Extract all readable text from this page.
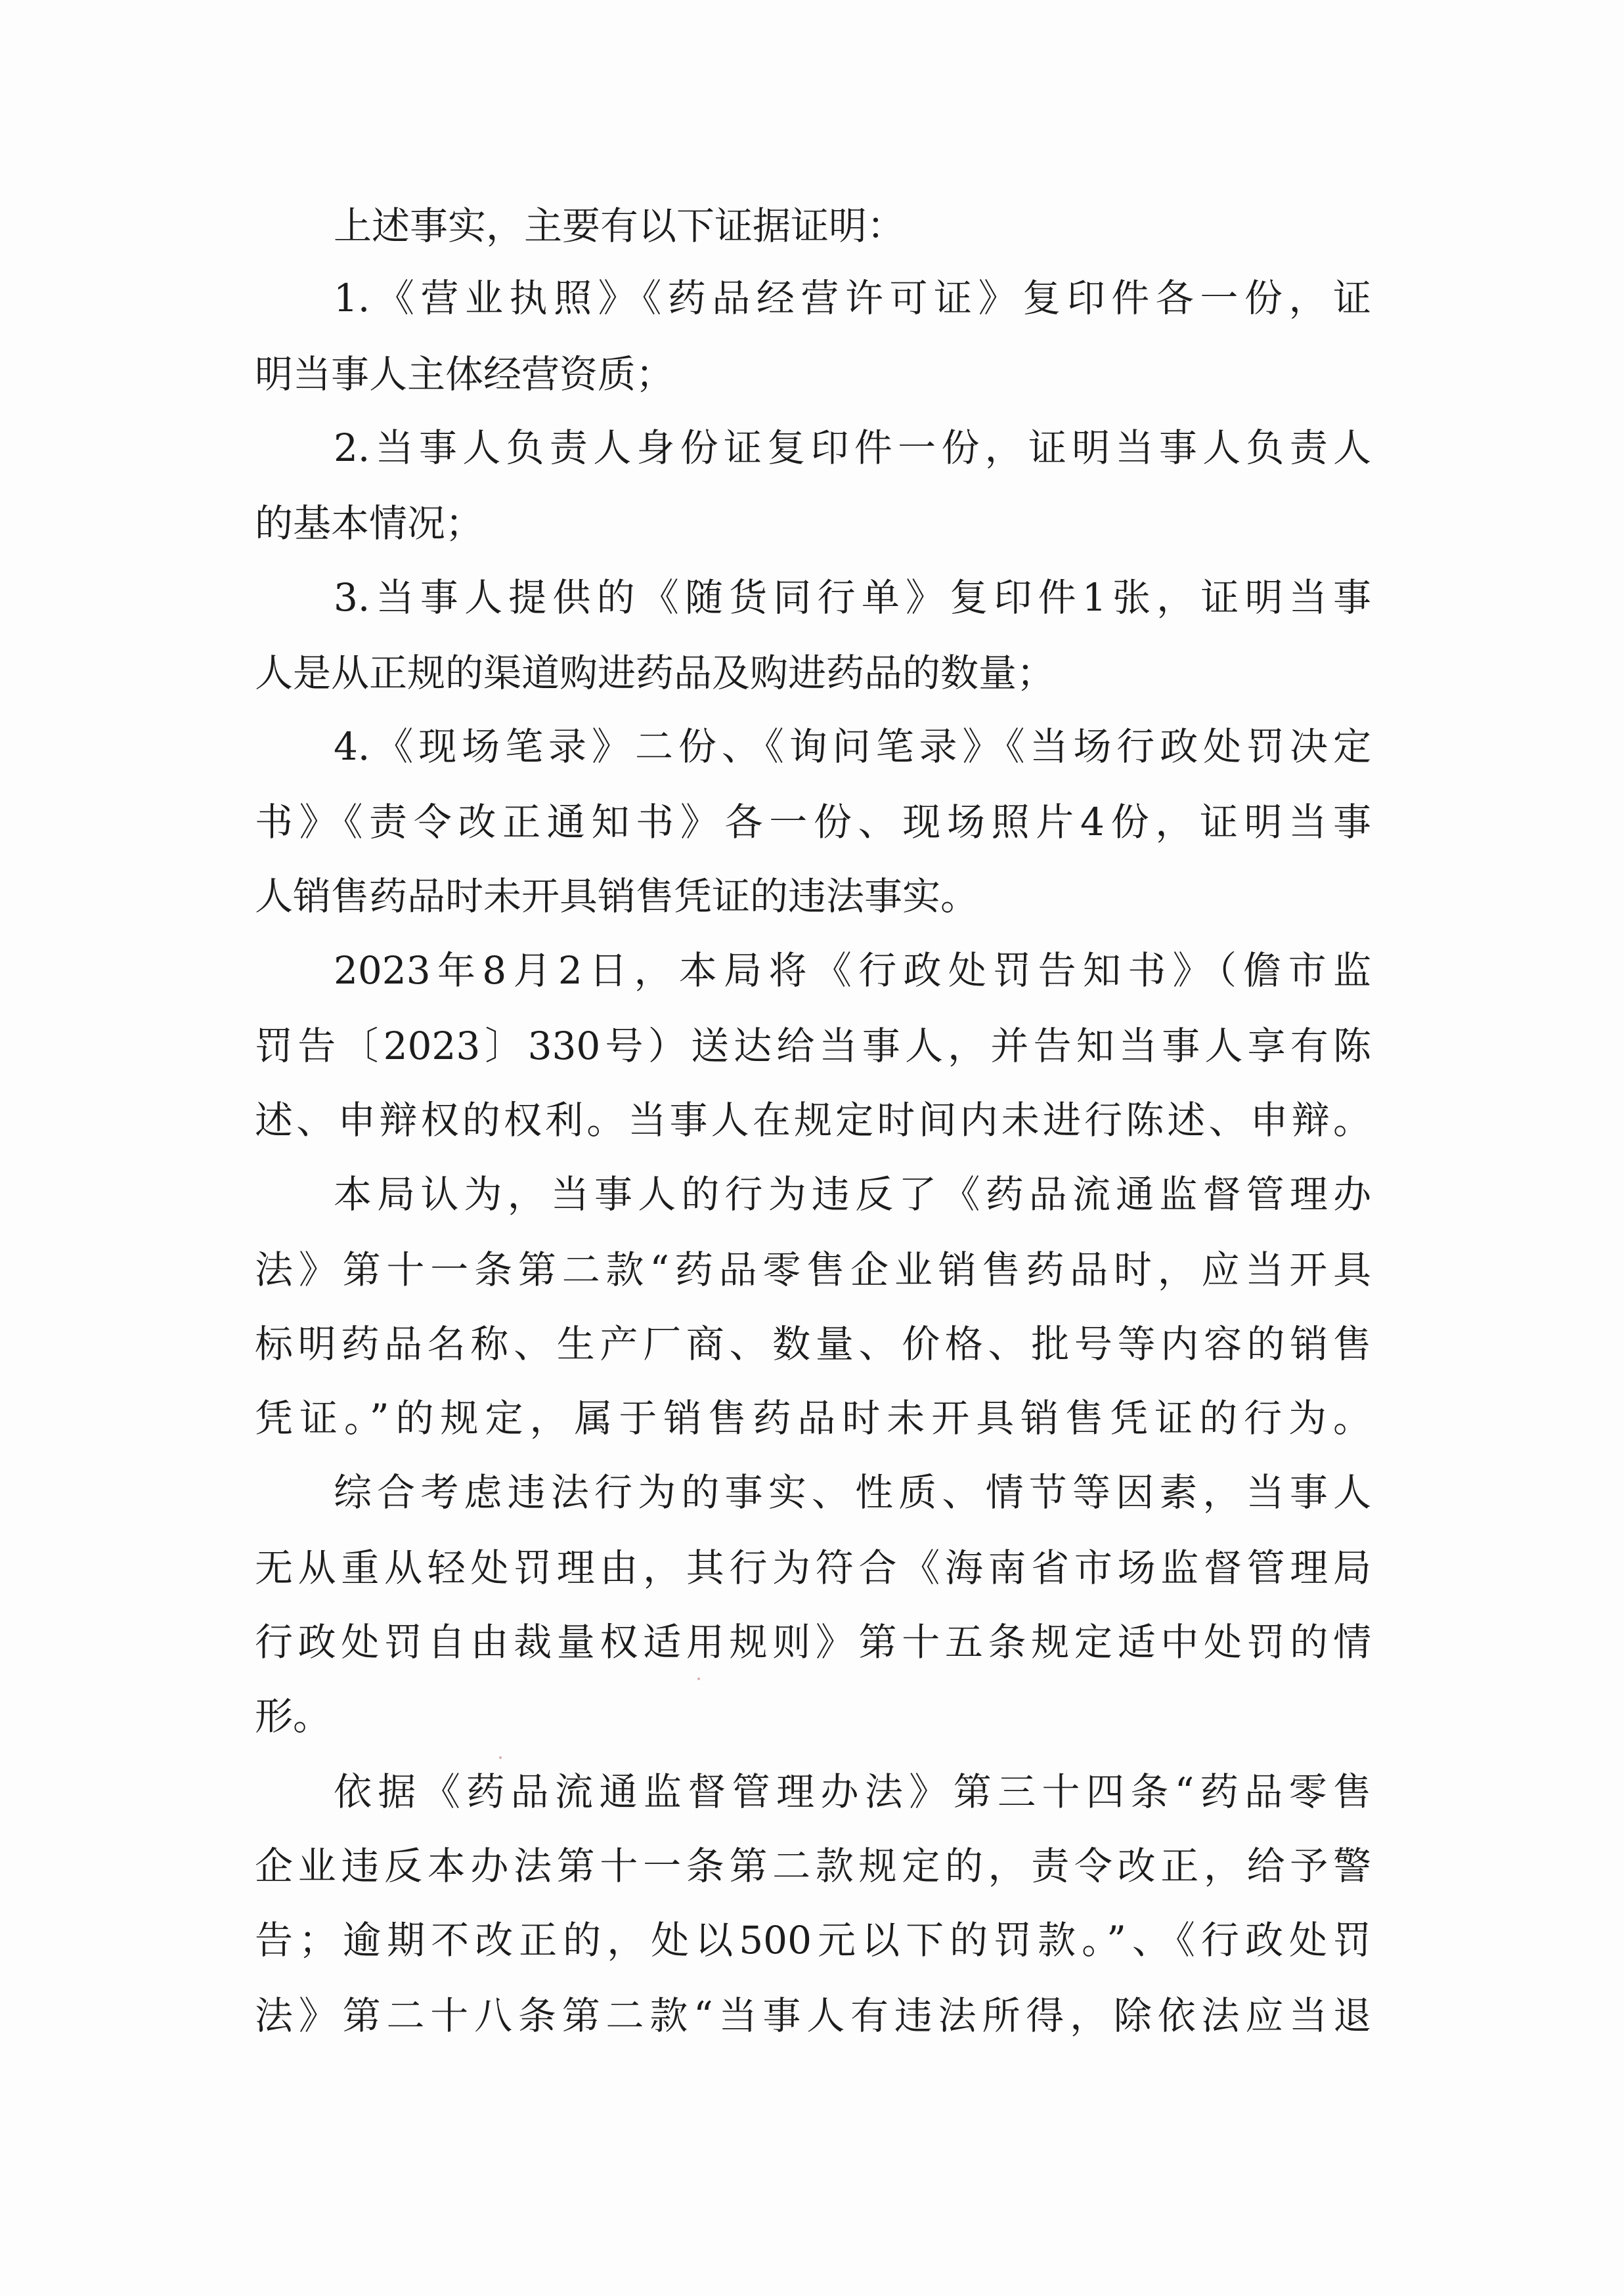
上述事实，主要有以下证据证明：
1.《营业执照》《药品经营许可证》复印件各一份，证
明当事人主体经营资质；
2.当事人负责人身份证复印件一份，证明当事人负责人
的基本情况；
3.当事人提供的《随货同行单》复印件1张，证明当事
人是从正规的渠道购进药品及购进药品的数量；
4.《现场笔录》二份、《询问笔录》《当场行政处罚决定
书》《责令改正通知书》各一份、现场照片4份，证明当事
人销售药品时未开具销售凭证的违法事实。
2023年8月2日，本局将《行政处罚告知书》（儋市监
罚告〔2023〕330号）送达给当事人，并告知当事人享有陈
述、申辩权的权利。当事人在规定时间内未进行陈述、申辩。
本局认为，当事人的行为违反了《药品流通监督管理办
法》第十一条第二款“药品零售企业销售药品时，应当开具
标明药品名称、生产厂商、数量、价格、批号等内容的销售
凭证。”的规定，属于销售药品时未开具销售凭证的行为。
综合考虑违法行为的事实、性质、情节等因素，当事人
无从重从轻处罚理由，其行为符合《海南省市场监督管理局
行政处罚自由裁量权适用规则》第十五条规定适中处罚的情
形。
依据《药品流通监督管理办法》第三十四条“药品零售
企业违反本办法第十一条第二款规定的，责令改正，给予警
告；逾期不改正的，处以500元以下的罚款。”、《行政处罚
法》第二十八条第二款“当事人有违法所得，除依法应当退
